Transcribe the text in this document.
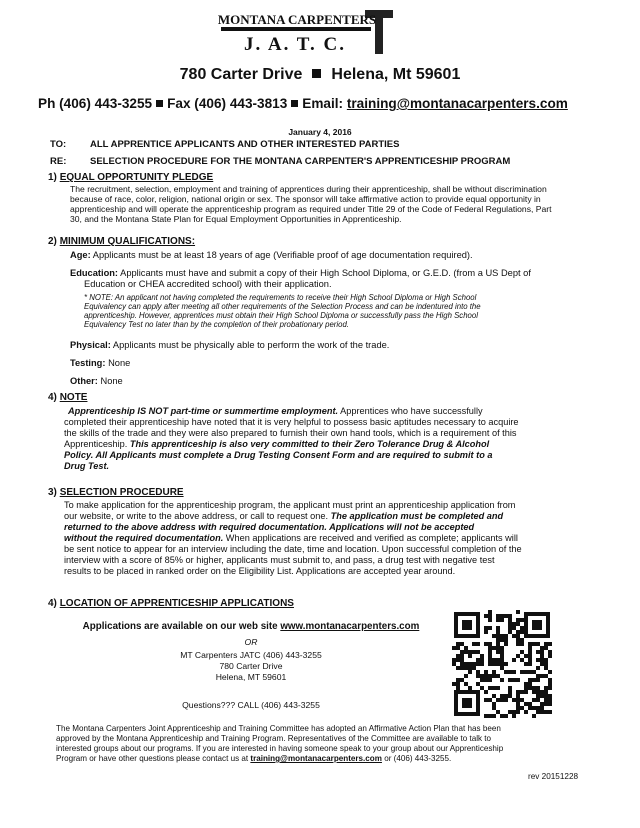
MONTANA CARPENTERS
J. A. T. C.
780 Carter Drive Helena, Mt 59601
Ph (406) 443-3255 Fax (406) 443-3813 Email: training@montanacarpenters.com
January 4, 2016
TO:	ALL APPRENTICE APPLICANTS AND OTHER INTERESTED PARTIES
RE: SELECTION PROCEDURE FOR THE MONTANA CARPENTER'S APPRENTICESHIP PROGRAM
1) EQUAL OPPORTUNITY PLEDGE
The recruitment, selection, employment and training of apprentices during their apprenticeship, shall be without discrimination
because of race, color, religion, national origin or sex. The sponsor will take affirmative action to provide equal opportunity in
apprenticeship and will operate the apprenticeship program as required under Title 29 of the Code of Federal Regulations, Part
30, and the Montana State Plan for Equal Employment Opportunities in Apprenticeship.
2) MINIMUM QUALIFICATIONS:
Age: Applicants must be at least 18 years of age (Verifiable proof of age documentation required).
Education: Applicants must have and submit a copy of their High School Diploma, or G.E.D. (from a US Dept of
Education or CHEA accredited school) with their application.
* NOTE: An applicant not having completed the requirements to receive their High School Diploma or High School
Equivalency can apply after meeting all other requirements of the Selection Process and can be indentured into the
apprenticeship. However, apprentices must obtain their High School Diploma or successfully pass the High School
Equivalency Test no later than by the completion of their probationary period.
Physical: Applicants must be physically able to perform the work of the trade.
Testing: None
Other: None
4) NOTE
Apprenticeship IS NOT part-time or summertime employment. Apprentices who have successfully
completed their apprenticeship have noted that it is very helpful to possess basic aptitudes necessary to acquire
the skills of the trade and they were also prepared to furnish their own hand tools, which is a requirement of this
Apprenticeship. This apprenticeship is also very committed to their Zero Tolerance Drug & Alcohol
Policy. All Applicants must complete a Drug Testing Consent Form and are required to submit to a
Drug Test.
3) SELECTION PROCEDURE
To make application for the apprenticeship program, the applicant must print an apprenticeship application from
our website, or write to the above address, or call to request one. The application must be completed and
returned to the above address with required documentation. Applications will not be accepted
without the required documentation. When applications are received and verified as complete; applicants will
be sent notice to appear for an interview including the date, time and location. Upon successful completion of the
interview with a score of 85% or higher, applicants must submit to, and pass, a drug test with negative test
results to be placed in ranked order on the Eligibility List. Applications are accepted year around.
4) LOCATION OF APPRENTICESHIP APPLICATIONS
Applications are available on our web site www.montanacarpenters.com
OR
MT Carpenters JATC (406) 443-3255
780 Carter Drive
Helena, MT 59601
Questions??? CALL (406) 443-3255
The Montana Carpenters Joint Apprenticeship and Training Committee has adopted an Affirmative Action Plan that has been
approved by the Montana Apprenticeship and Training Program. Representatives of the Committee are available to talk to
interested groups about our programs. If you are interested in having someone speak to your group about our Apprenticeship
Program or have other questions please contact us at training@montanacarpenters.com or (406) 443-3255.
rev 20151228
